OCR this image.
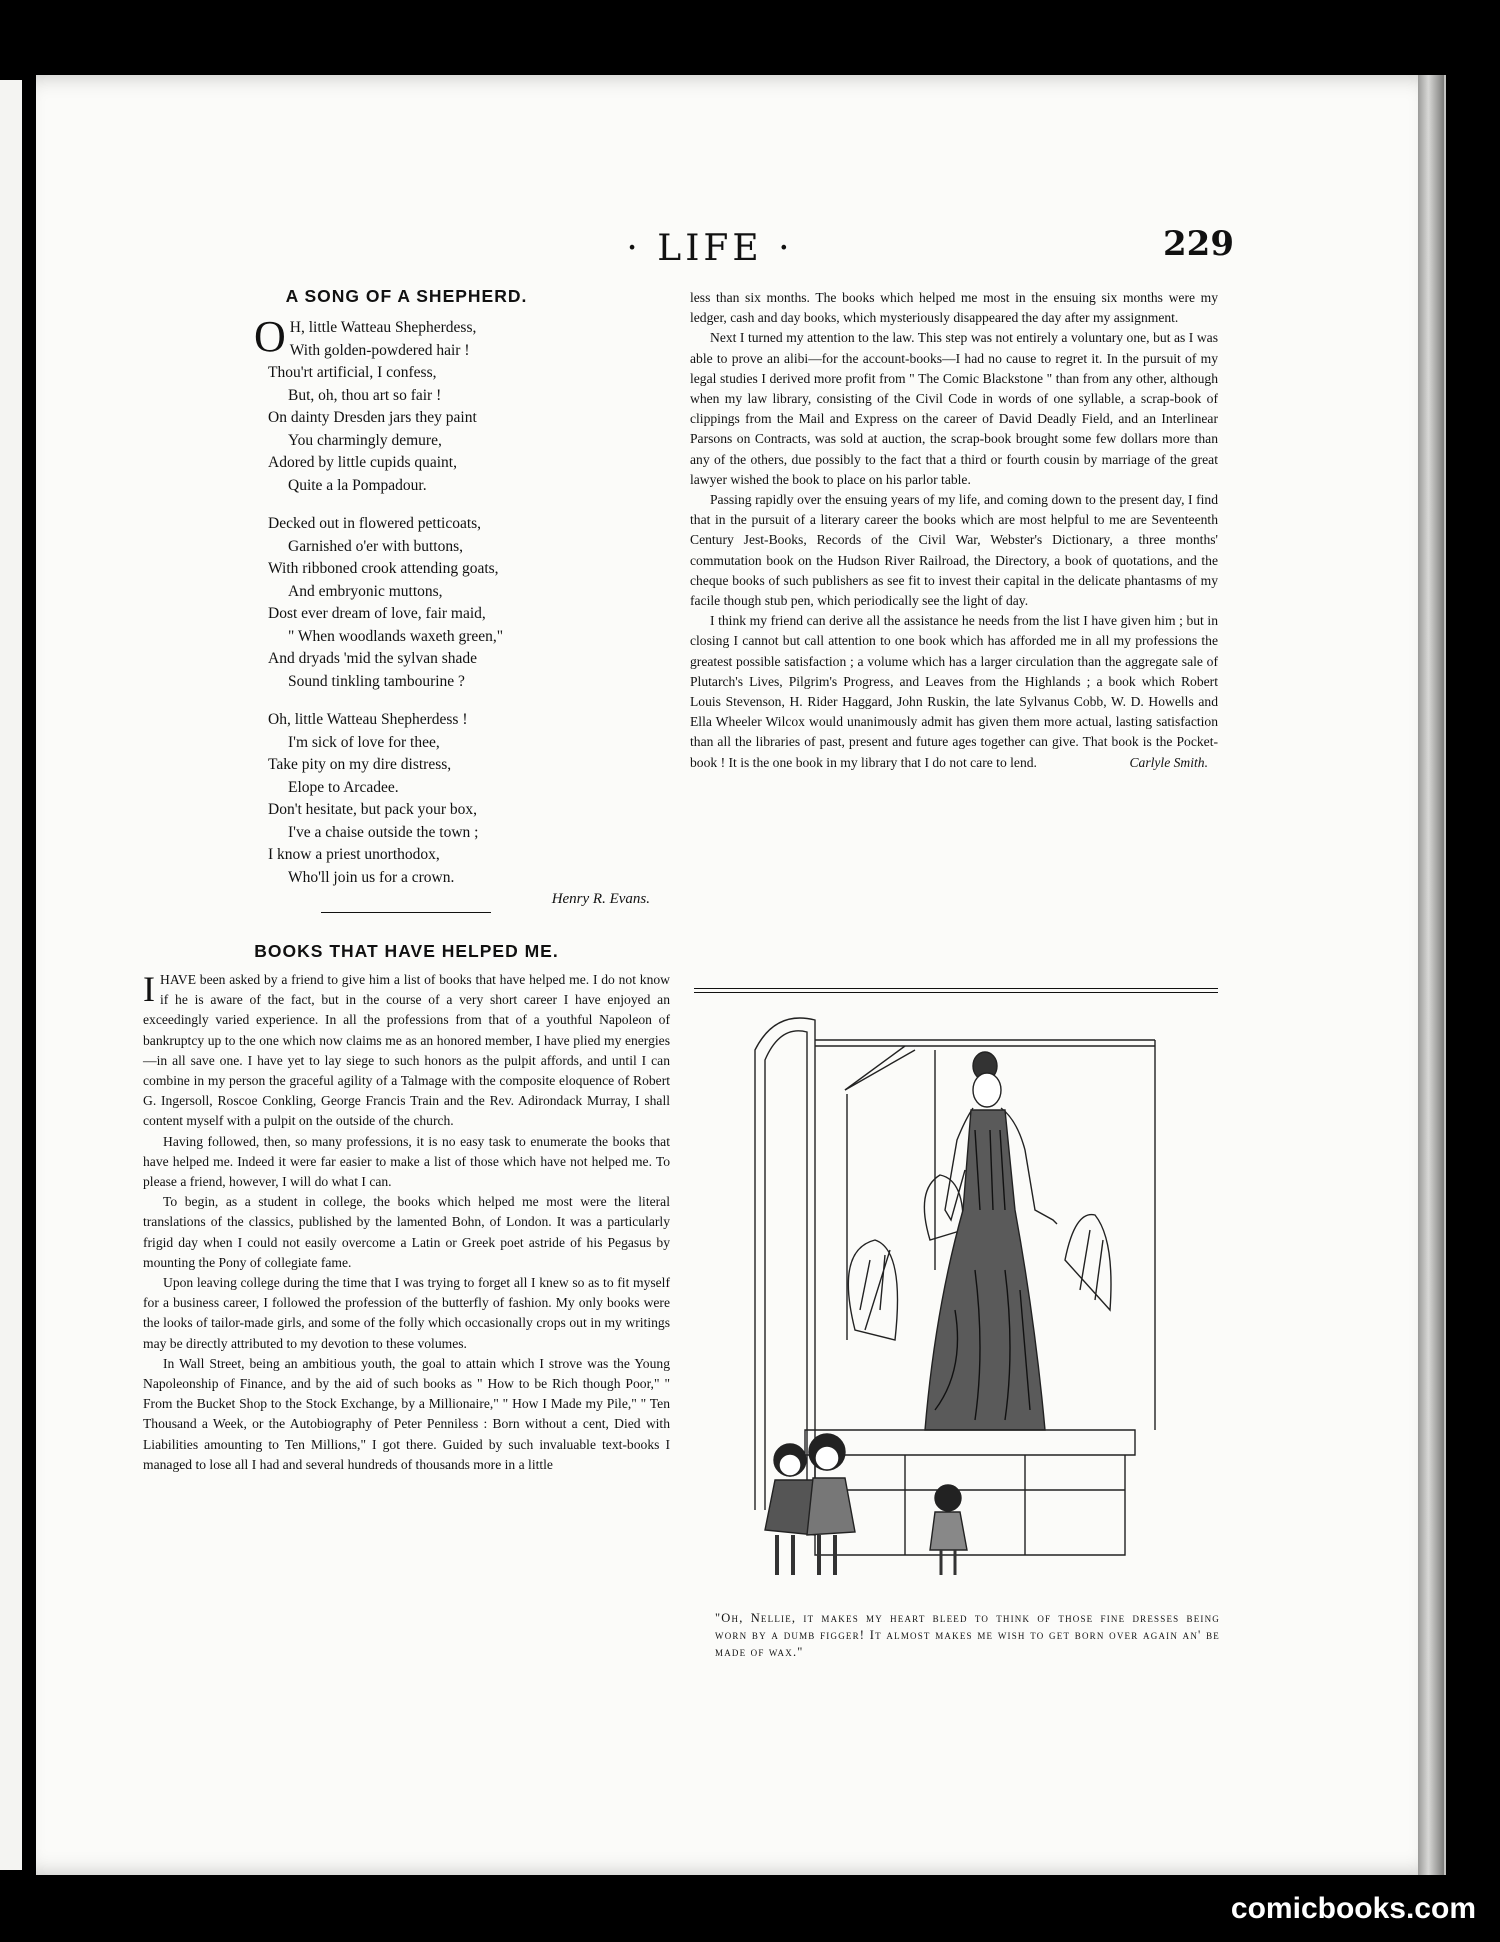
· LIFE ·	229
A SONG OF A SHEPHERD.
O H, little Watteau Shepherdess,
With golden-powdered hair !
Thou'rt artificial, I confess,
But, oh, thou art so fair !
On dainty Dresden jars they paint
You charmingly demure,
Adored by little cupids quaint,
Quite a la Pompadour.
Decked out in flowered petticoats,
Garnished o'er with buttons,
With ribboned crook attending goats,
And embryonic muttons,
Dost ever dream of love, fair maid,
" When woodlands waxeth green,"
And dryads 'mid the sylvan shade
Sound tinkling tambourine ?
Oh, little Watteau Shepherdess !
I'm sick of love for thee,
Take pity on my dire distress,
Elope to Arcadee.
Don't hesitate, but pack your box,
I've a chaise outside the town ;
I know a priest unorthodox,
Who'll join us for a crown.
Henry R. Evans.
BOOKS THAT HAVE HELPED ME.

I HAVE been asked by a friend to give him a list of books that have helped me. I do not know if he is aware of the fact, but in the course of a very short career I have enjoyed an exceedingly varied experience. In all the professions from that of a youthful Napoleon of bankruptcy up to the one which now claims me as an honored member, I have plied my energies—in all save one. I have yet to lay siege to such honors as the pulpit affords, and until I can combine in my person the graceful agility of a Talmage with the composite eloquence of Robert G. Ingersoll, Roscoe Conkling, George Francis Train and the Rev. Adirondack Murray, I shall content myself with a pulpit on the outside of the church.

Having followed, then, so many professions, it is no easy task to enumerate the books that have helped me. Indeed it were far easier to make a list of those which have not helped me. To please a friend, however, I will do what I can.

To begin, as a student in college, the books which helped me most were the literal translations of the classics, published by the lamented Bohn, of London. It was a particularly frigid day when I could not easily overcome a Latin or Greek poet astride of his Pegasus by mounting the Pony of collegiate fame.

Upon leaving college during the time that I was trying to forget all I knew so as to fit myself for a business career, I followed the profession of the butterfly of fashion. My only books were the looks of tailor-made girls, and some of the folly which occasionally crops out in my writings may be directly attributed to my devotion to these volumes.

In Wall Street, being an ambitious youth, the goal to attain which I strove was the Young Napoleonship of Finance, and by the aid of such books as " How to be Rich though Poor," " From the Bucket Shop to the Stock Exchange, by a Millionaire," " How I Made my Pile," " Ten Thousand a Week, or the Autobiography of Peter Penniless : Born without a cent, Died with Liabilities amounting to Ten Millions," I got there. Guided by such invaluable text-books I managed to lose all I had and several hundreds of thousands more in a little

less than six months. The books which helped me most in the ensuing six months were my ledger, cash and day books, which mysteriously disappeared the day after my assignment.

Next I turned my attention to the law. This step was not entirely a voluntary one, but as I was able to prove an alibi—for the account-books—I had no cause to regret it. In the pursuit of my legal studies I derived more profit from " The Comic Blackstone " than from any other, although when my law library, consisting of the Civil Code in words of one syllable, a scrap-book of clippings from the Mail and Express on the career of David Deadly Field, and an Interlinear Parsons on Contracts, was sold at auction, the scrap-book brought some few dollars more than any of the others, due possibly to the fact that a third or fourth cousin by marriage of the great lawyer wished the book to place on his parlor table.

Passing rapidly over the ensuing years of my life, and coming down to the present day, I find that in the pursuit of a literary career the books which are most helpful to me are Seventeenth Century Jest-Books, Records of the Civil War, Webster's Dictionary, a three months' commutation book on the Hudson River Railroad, the Directory, a book of quotations, and the cheque books of such publishers as see fit to invest their capital in the delicate phantasms of my facile though stub pen, which periodically see the light of day.

I think my friend can derive all the assistance he needs from the list I have given him ; but in closing I cannot but call attention to one book which has afforded me in all my professions the greatest possible satisfaction ; a volume which has a larger circulation than the aggregate sale of Plutarch's Lives, Pilgrim's Progress, and Leaves from the Highlands ; a book which Robert Louis Stevenson, H. Rider Haggard, John Ruskin, the late Sylvanus Cobb, W. D. Howells and Ella Wheeler Wilcox would unanimously admit has given them more actual, lasting satisfaction than all the libraries of past, present and future ages together can give. That book is the Pocket-book ! It is the one book in my library that I do not care to lend.	Carlyle Smith.

"Oh, Nellie, it makes my heart bleed to think of those fine dresses being worn by a dumb figger! It almost makes me wish to get born over again an' be made of wax."
comicbooks.com
